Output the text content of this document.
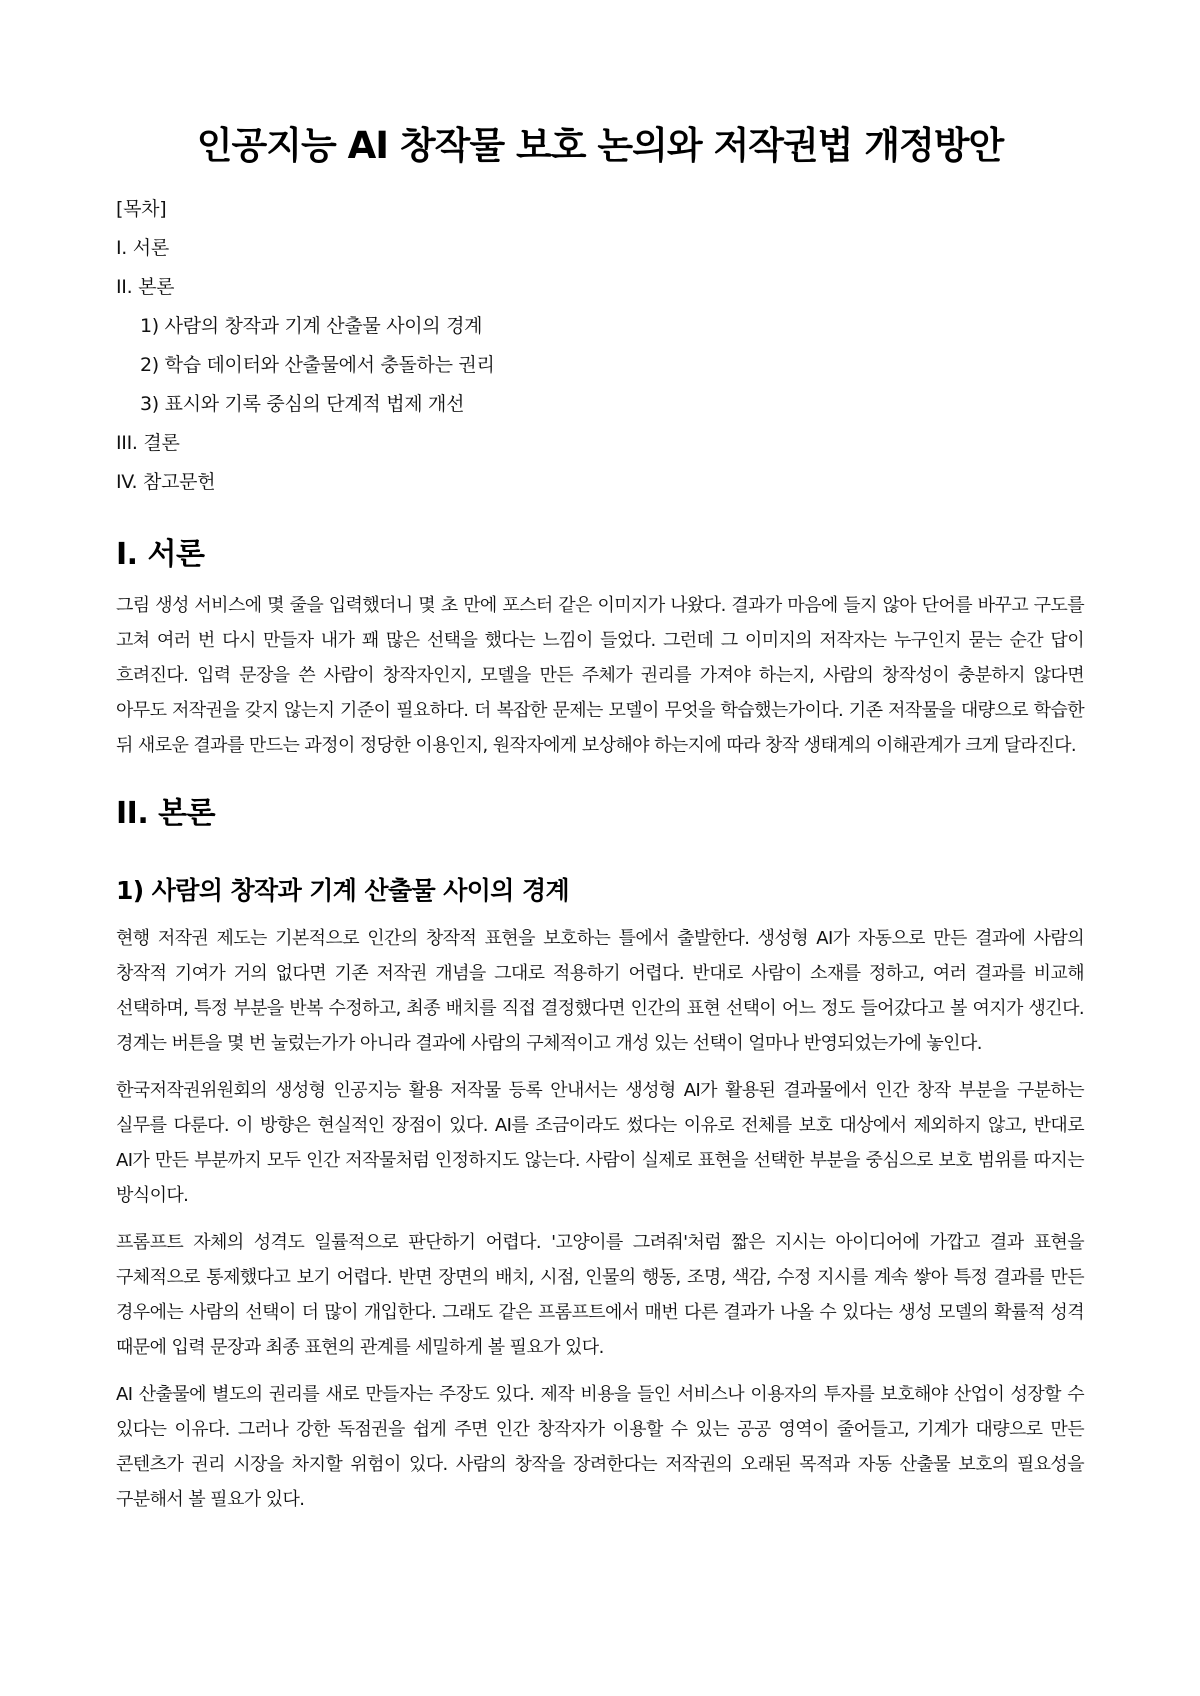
인공지능 AI 창작물 보호 논의와 저작권법 개정방안
[목차]
I. 서론
II. 본론
1) 사람의 창작과 기계 산출물 사이의 경계
2) 학습 데이터와 산출물에서 충돌하는 권리
3) 표시와 기록 중심의 단계적 법제 개선
III. 결론
IV. 참고문헌
I. 서론

그림 생성 서비스에 몇 줄을 입력했더니 몇 초 만에 포스터 같은 이미지가 나왔다. 결과가 마음에 들지 않아 단어를 바꾸고 구도를 고쳐 여러 번 다시 만들자 내가 꽤 많은 선택을 했다는 느낌이 들었다. 그런데 그 이미지의 저작자는 누구인지 묻는 순간 답이 흐려진다. 입력 문장을 쓴 사람이 창작자인지, 모델을 만든 주체가 권리를 가져야 하는지, 사람의 창작성이 충분하지 않다면 아무도 저작권을 갖지 않는지 기준이 필요하다. 더 복잡한 문제는 모델이 무엇을 학습했는가이다. 기존 저작물을 대량으로 학습한 뒤 새로운 결과를 만드는 과정이 정당한 이용인지, 원작자에게 보상해야 하는지에 따라 창작 생태계의 이해관계가 크게 달라진다.

II. 본론
1) 사람의 창작과 기계 산출물 사이의 경계

현행 저작권 제도는 기본적으로 인간의 창작적 표현을 보호하는 틀에서 출발한다. 생성형 AI가 자동으로 만든 결과에 사람의 창작적 기여가 거의 없다면 기존 저작권 개념을 그대로 적용하기 어렵다. 반대로 사람이 소재를 정하고, 여러 결과를 비교해 선택하며, 특정 부분을 반복 수정하고, 최종 배치를 직접 결정했다면 인간의 표현 선택이 어느 정도 들어갔다고 볼 여지가 생긴다. 경계는 버튼을 몇 번 눌렀는가가 아니라 결과에 사람의 구체적이고 개성 있는 선택이 얼마나 반영되었는가에 놓인다.

한국저작권위원회의 생성형 인공지능 활용 저작물 등록 안내서는 생성형 AI가 활용된 결과물에서 인간 창작 부분을 구분하는 실무를 다룬다. 이 방향은 현실적인 장점이 있다. AI를 조금이라도 썼다는 이유로 전체를 보호 대상에서 제외하지 않고, 반대로 AI가 만든 부분까지 모두 인간 저작물처럼 인정하지도 않는다. 사람이 실제로 표현을 선택한 부분을 중심으로 보호 범위를 따지는 방식이다.

프롬프트 자체의 성격도 일률적으로 판단하기 어렵다. '고양이를 그려줘'처럼 짧은 지시는 아이디어에 가깝고 결과 표현을 구체적으로 통제했다고 보기 어렵다. 반면 장면의 배치, 시점, 인물의 행동, 조명, 색감, 수정 지시를 계속 쌓아 특정 결과를 만든 경우에는 사람의 선택이 더 많이 개입한다. 그래도 같은 프롬프트에서 매번 다른 결과가 나올 수 있다는 생성 모델의 확률적 성격 때문에 입력 문장과 최종 표현의 관계를 세밀하게 볼 필요가 있다.

AI 산출물에 별도의 권리를 새로 만들자는 주장도 있다. 제작 비용을 들인 서비스나 이용자의 투자를 보호해야 산업이 성장할 수 있다는 이유다. 그러나 강한 독점권을 쉽게 주면 인간 창작자가 이용할 수 있는 공공 영역이 줄어들고, 기계가 대량으로 만든 콘텐츠가 권리 시장을 차지할 위험이 있다. 사람의 창작을 장려한다는 저작권의 오래된 목적과 자동 산출물 보호의 필요성을 구분해서 볼 필요가 있다.
